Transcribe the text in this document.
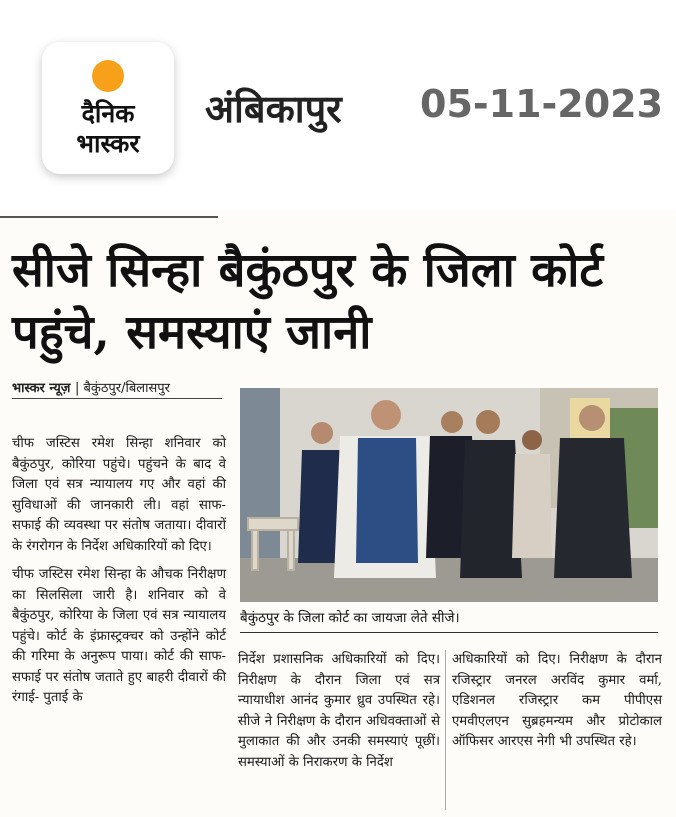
दैनिक
भास्कर
अंबिकापुर 05-11-2023
सीजे सिन्हा बैकुंठपुर के जिला कोर्ट पहुंचे, समस्याएं जानी
भास्कर न्यूज़ | बैकुंठपुर/बिलासपुर

चीफ जस्टिस रमेश सिन्हा शनिवार को बैकुंठपुर, कोरिया पहुंचे। पहुंचने के बाद वे जिला एवं सत्र न्यायालय गए और वहां की सुविधाओं की जानकारी ली। वहां साफ- सफाई की व्यवस्था पर संतोष जताया। दीवारों के रंगरोगन के निर्देश अधिकारियों को दिए।

चीफ जस्टिस रमेश सिन्हा के औचक निरीक्षण का सिलसिला जारी है। शनिवार को वे बैकुंठपुर, कोरिया के जिला एवं सत्र न्यायालय पहुंचे। कोर्ट के इंफ्रास्ट्रक्चर को उन्होंने कोर्ट की गरिमा के अनुरूप पाया। कोर्ट की साफ- सफाई पर संतोष जताते हुए बाहरी दीवारों की रंगाई- पुताई के

बैकुंठपुर के जिला कोर्ट का जायजा लेते सीजे।

निर्देश प्रशासनिक अधिकारियों को दिए। निरीक्षण के दौरान जिला एवं सत्र न्यायाधीश आनंद कुमार ध्रुव उपस्थित रहे। सीजे ने निरीक्षण के दौरान अधिवक्ताओं से मुलाकात की और उनकी समस्याएं पूछीं। समस्याओं के निराकरण के निर्देश

अधिकारियों को दिए। निरीक्षण के दौरान रजिस्ट्रार जनरल अरविंद कुमार वर्मा, एडिशनल रजिस्ट्रार कम पीपीएस एमवीएलएन सुब्रहमन्यम और प्रोटोकाल ऑफिसर आरएस नेगी भी उपस्थित रहे।
